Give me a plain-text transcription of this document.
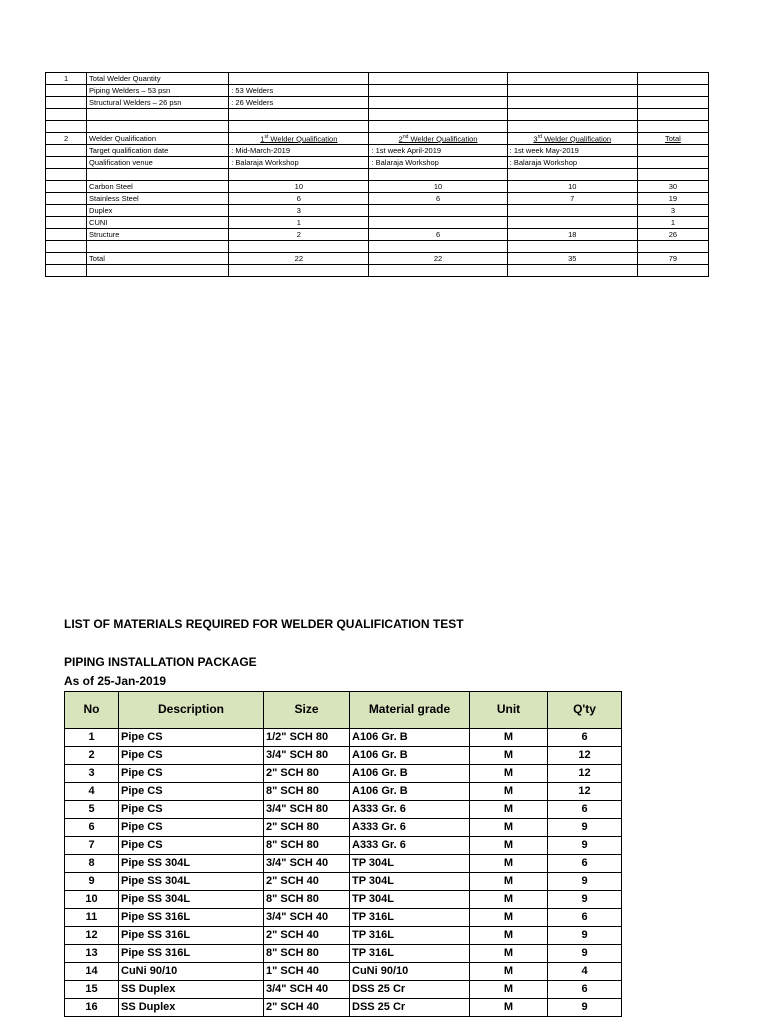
1	Total Welder Quantity				
	Piping Welders – 53 psn	: 53 Welders			
	Structural Welders – 26 psn	: 26 Welders			

2	Welder Qualification	1st Welder Qualification	2nd Welder Qualification	3rd Welder Qualification	Total
	Target qualification date	: Mid-March-2019	: 1st week April-2019	: 1st week May-2019	
	Qualification venue	: Balaraja Workshop	: Balaraja Workshop	: Balaraja Workshop	

	Carbon Steel	10	10	10	30
	Stainless Steel	6	6	7	19
	Duplex	3			3
	CUNI	1			1
	Structure	2	6	18	26

	Total	22	22	35	79

LIST OF MATERIALS REQUIRED FOR WELDER QUALIFICATION TEST
PIPING INSTALLATION PACKAGE
As of 25-Jan-2019
No	Description	Size	Material grade	Unit	Q'ty
1	Pipe CS	1/2" SCH 80	A106 Gr. B	M	6
2	Pipe CS	3/4" SCH 80	A106 Gr. B	M	12
3	Pipe CS	2" SCH 80	A106 Gr. B	M	12
4	Pipe CS	8" SCH 80	A106 Gr. B	M	12
5	Pipe CS	3/4" SCH 80	A333 Gr. 6	M	6
6	Pipe CS	2" SCH 80	A333 Gr. 6	M	9
7	Pipe CS	8" SCH 80	A333 Gr. 6	M	9
8	Pipe SS 304L	3/4" SCH 40	TP 304L	M	6
9	Pipe SS 304L	2" SCH 40	TP 304L	M	9
10	Pipe SS 304L	8" SCH 80	TP 304L	M	9
11	Pipe SS 316L	3/4" SCH 40	TP 316L	M	6
12	Pipe SS 316L	2" SCH 40	TP 316L	M	9
13	Pipe SS 316L	8" SCH 80	TP 316L	M	9
14	CuNi 90/10	1" SCH 40	CuNi 90/10	M	4
15	SS Duplex	3/4" SCH 40	DSS 25 Cr	M	6
16	SS Duplex	2" SCH 40	DSS 25 Cr	M	9
